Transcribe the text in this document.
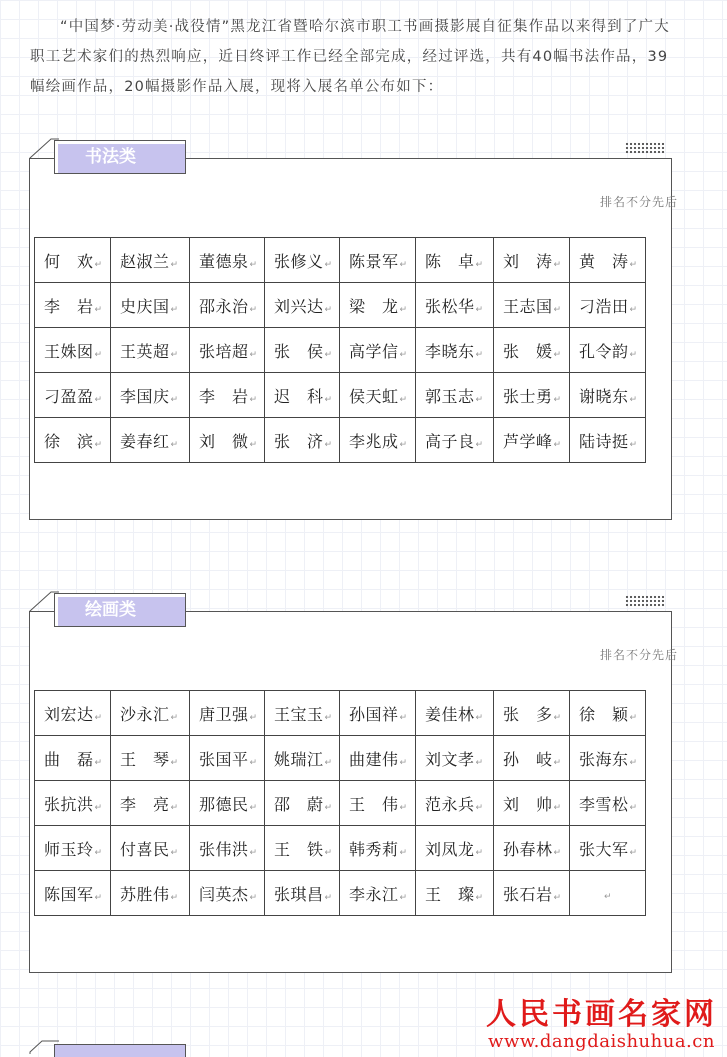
“中国梦·劳动美·战役情”黑龙江省暨哈尔滨市职工书画摄影展自征集作品以来得到了广大职工艺术家们的热烈响应，近日终评工作已经全部完成，经过评选，共有40幅书法作品，39幅绘画作品，20幅摄影作品入展，现将入展名单公布如下：

书法类
排名不分先后
何　欢↵	赵淑兰↵	董德泉↵	张修义↵	陈景军↵	陈　卓↵	刘　涛↵	黄　涛↵
李　岩↵	史庆国↵	邵永治↵	刘兴达↵	梁　龙↵	张松华↵	王志国↵	刁浩田↵
王姝囡↵	王英超↵	张培超↵	张　侯↵	高学信↵	李晓东↵	张　媛↵	孔令韵↵
刁盈盈↵	李国庆↵	李　岩↵	迟　科↵	侯天虹↵	郭玉志↵	张士勇↵	谢晓东↵
徐　滨↵	姜春红↵	刘　微↵	张　济↵	李兆成↵	高子良↵	芦学峰↵	陆诗挺↵
绘画类
排名不分先后
刘宏达↵	沙永汇↵	唐卫强↵	王宝玉↵	孙国祥↵	姜佳林↵	张　多↵	徐　颖↵
曲　磊↵	王　琴↵	张国平↵	姚瑞江↵	曲建伟↵	刘文孝↵	孙　岐↵	张海东↵
张抗洪↵	李　亮↵	那德民↵	邵　蔚↵	王　伟↵	范永兵↵	刘　帅↵	李雪松↵
师玉玲↵	付喜民↵	张伟洪↵	王　铁↵	韩秀莉↵	刘凤龙↵	孙春林↵	张大军↵
陈国军↵	苏胜伟↵	闫英杰↵	张琪昌↵	李永江↵	王　璨↵	张石岩↵	↵
人民书画名家网
www.dangdaishuhua.cn
